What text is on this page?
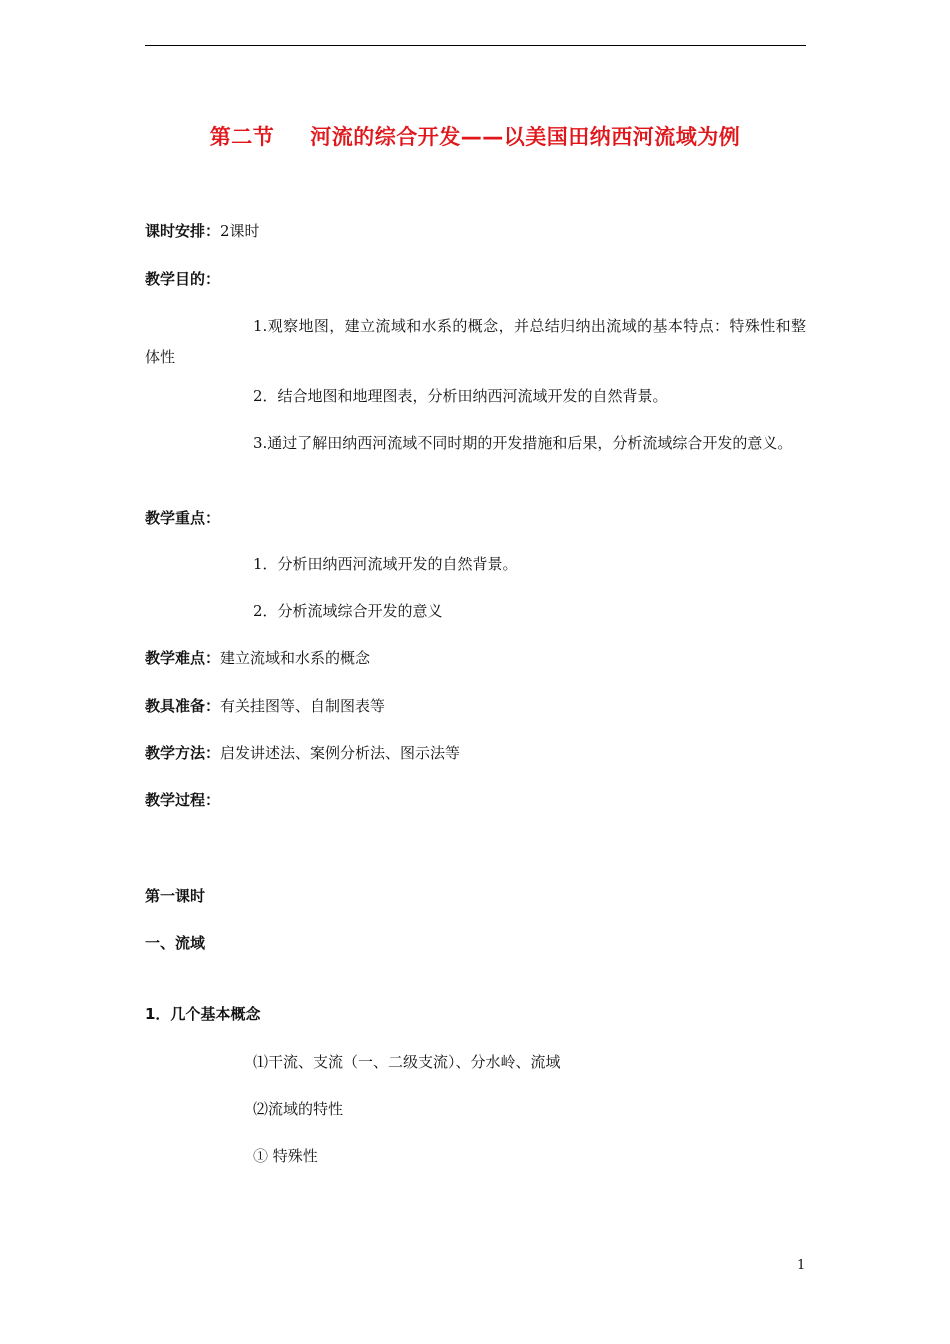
第二节 河流的综合开发——以美国田纳西河流域为例
课时安排：2课时
教学目的：
1.观察地图，建立流域和水系的概念，并总结归纳出流域的基本特点：特殊性和整体性
2．结合地图和地理图表，分析田纳西河流域开发的自然背景。
3.通过了解田纳西河流域不同时期的开发措施和后果，分析流域综合开发的意义。
教学重点：
1．分析田纳西河流域开发的自然背景。
2．分析流域综合开发的意义
教学难点：建立流域和水系的概念
教具准备：有关挂图等、自制图表等
教学方法：启发讲述法、案例分析法、图示法等
教学过程：
第一课时
一、流域
1．几个基本概念
⑴干流、支流（一、二级支流）、分水岭、流域
⑵流域的特性
① 特殊性
1
